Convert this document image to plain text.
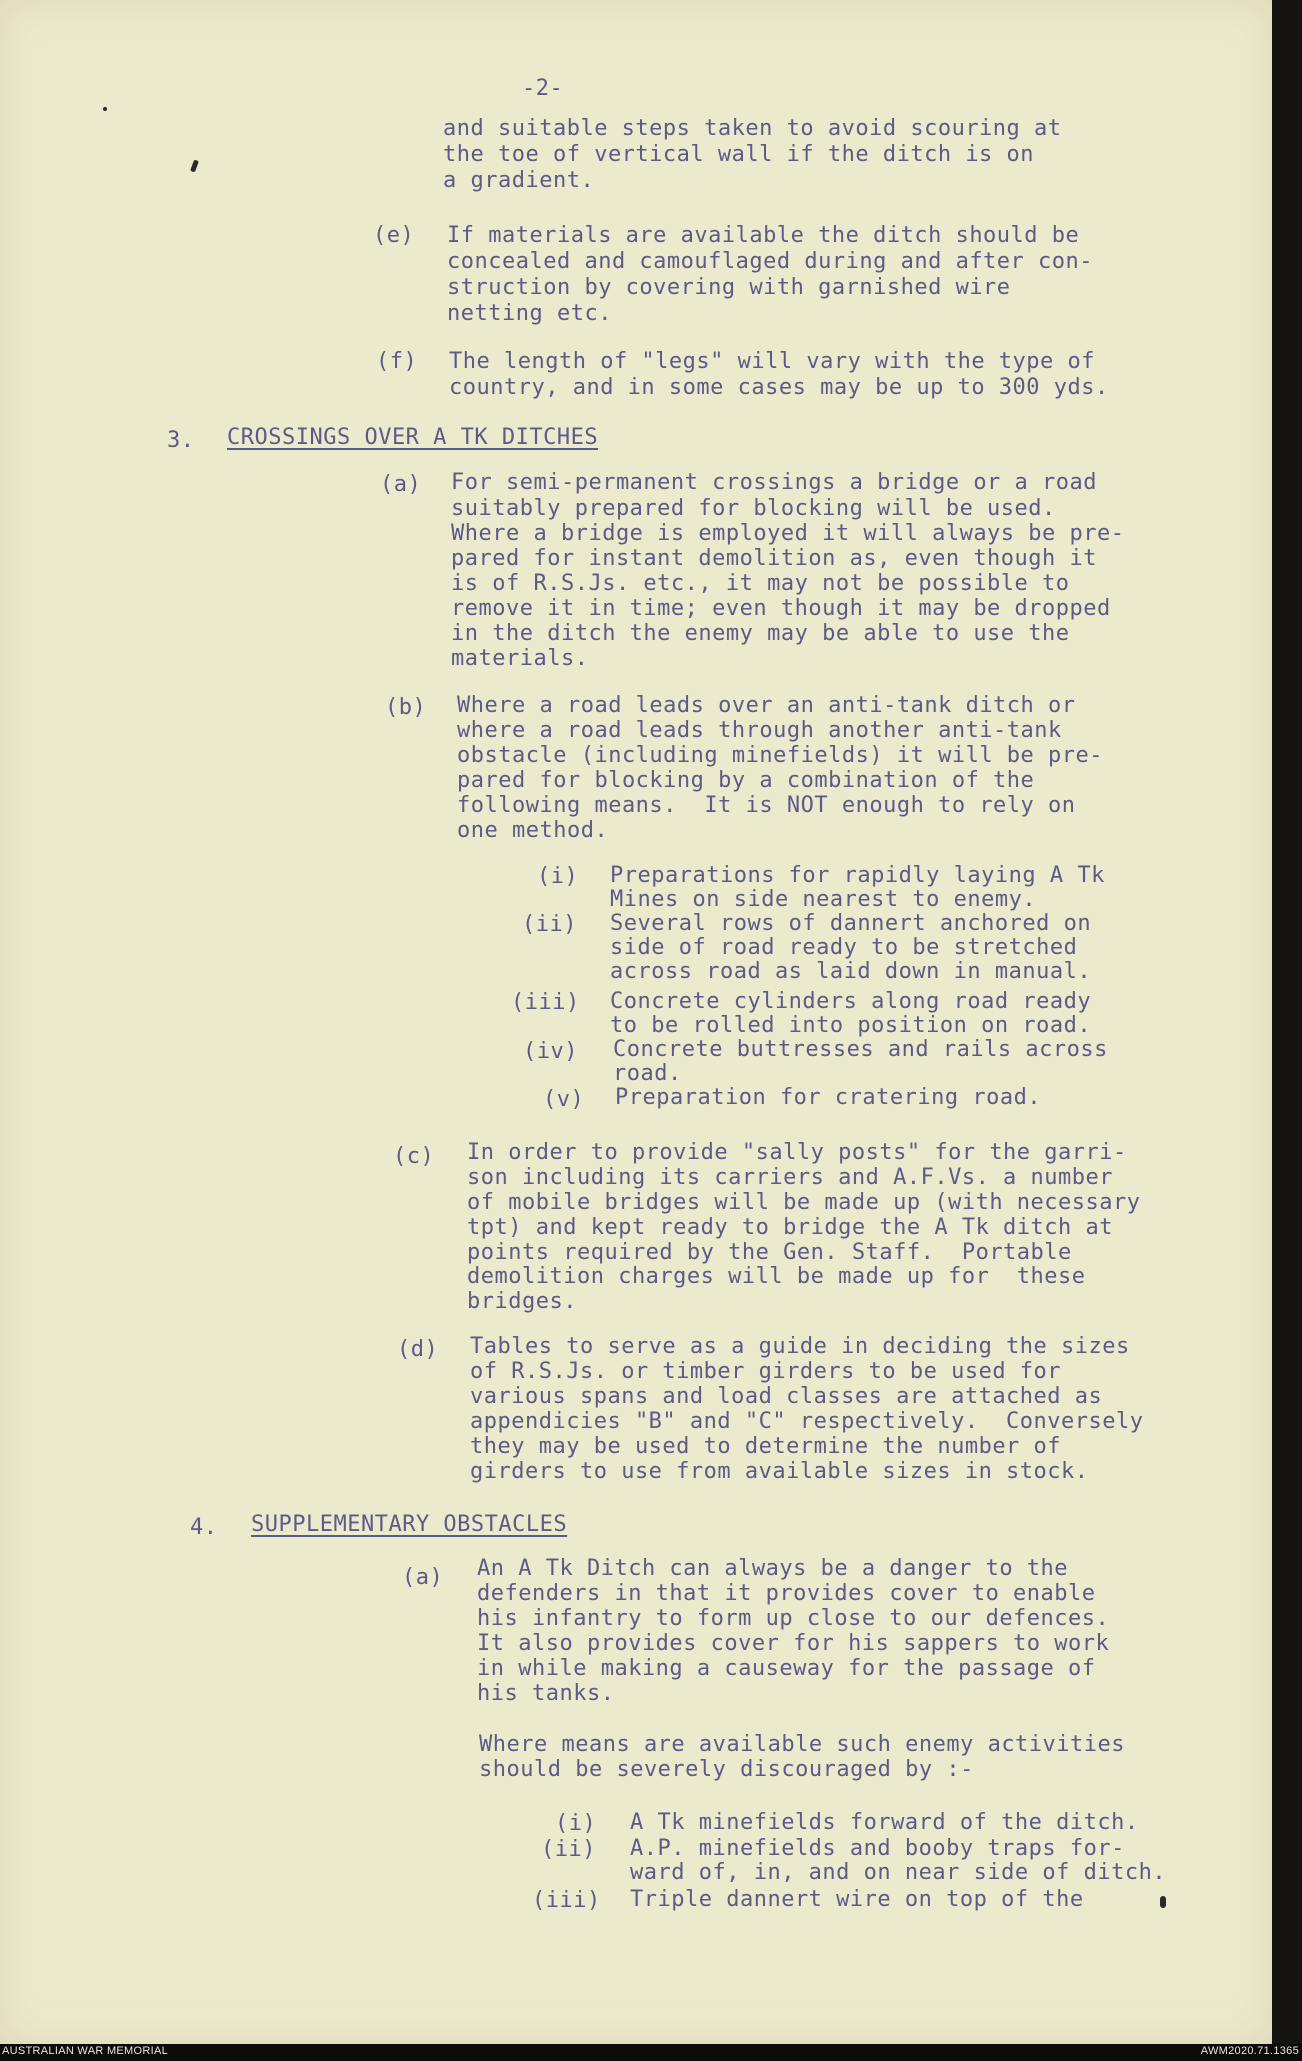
-2-
and suitable steps taken to avoid scouring at
the toe of vertical wall if the ditch is on
a gradient.
(e) If materials are available the ditch should be
concealed and camouflaged during and after con-
struction by covering with garnished wire
netting etc.
(f) The length of "legs" will vary with the type of
country, and in some cases may be up to 300 yds.
3. CROSSINGS OVER A TK DITCHES
(a) For semi-permanent crossings a bridge or a road
suitably prepared for blocking will be used.
Where a bridge is employed it will always be pre-
pared for instant demolition as, even though it
is of R.S.Js. etc., it may not be possible to
remove it in time; even though it may be dropped
in the ditch the enemy may be able to use the
materials.
(b) Where a road leads over an anti-tank ditch or
where a road leads through another anti-tank
obstacle (including minefields) it will be pre-
pared for blocking by a combination of the
following means.  It is NOT enough to rely on
one method.
(i) Preparations for rapidly laying A Tk
Mines on side nearest to enemy.
(ii) Several rows of dannert anchored on
side of road ready to be stretched
across road as laid down in manual.
(iii) Concrete cylinders along road ready
to be rolled into position on road.
(iv) Concrete buttresses and rails across
road.
(v) Preparation for cratering road.
(c) In order to provide "sally posts" for the garri-
son including its carriers and A.F.Vs. a number
of mobile bridges will be made up (with necessary
tpt) and kept ready to bridge the A Tk ditch at
points required by the Gen. Staff.  Portable
demolition charges will be made up for  these
bridges.
(d) Tables to serve as a guide in deciding the sizes
of R.S.Js. or timber girders to be used for
various spans and load classes are attached as
appendicies "B" and "C" respectively.  Conversely
they may be used to determine the number of
girders to use from available sizes in stock.
4. SUPPLEMENTARY OBSTACLES
(a) An A Tk Ditch can always be a danger to the
defenders in that it provides cover to enable
his infantry to form up close to our defences.
It also provides cover for his sappers to work
in while making a causeway for the passage of
his tanks.
Where means are available such enemy activities
should be severely discouraged by :-
(i) A Tk minefields forward of the ditch.
(ii) A.P. minefields and booby traps for-
ward of, in, and on near side of ditch.
(iii) Triple dannert wire on top of the
AUSTRALIAN WAR MEMORIAL	AWM2020.71.1365
